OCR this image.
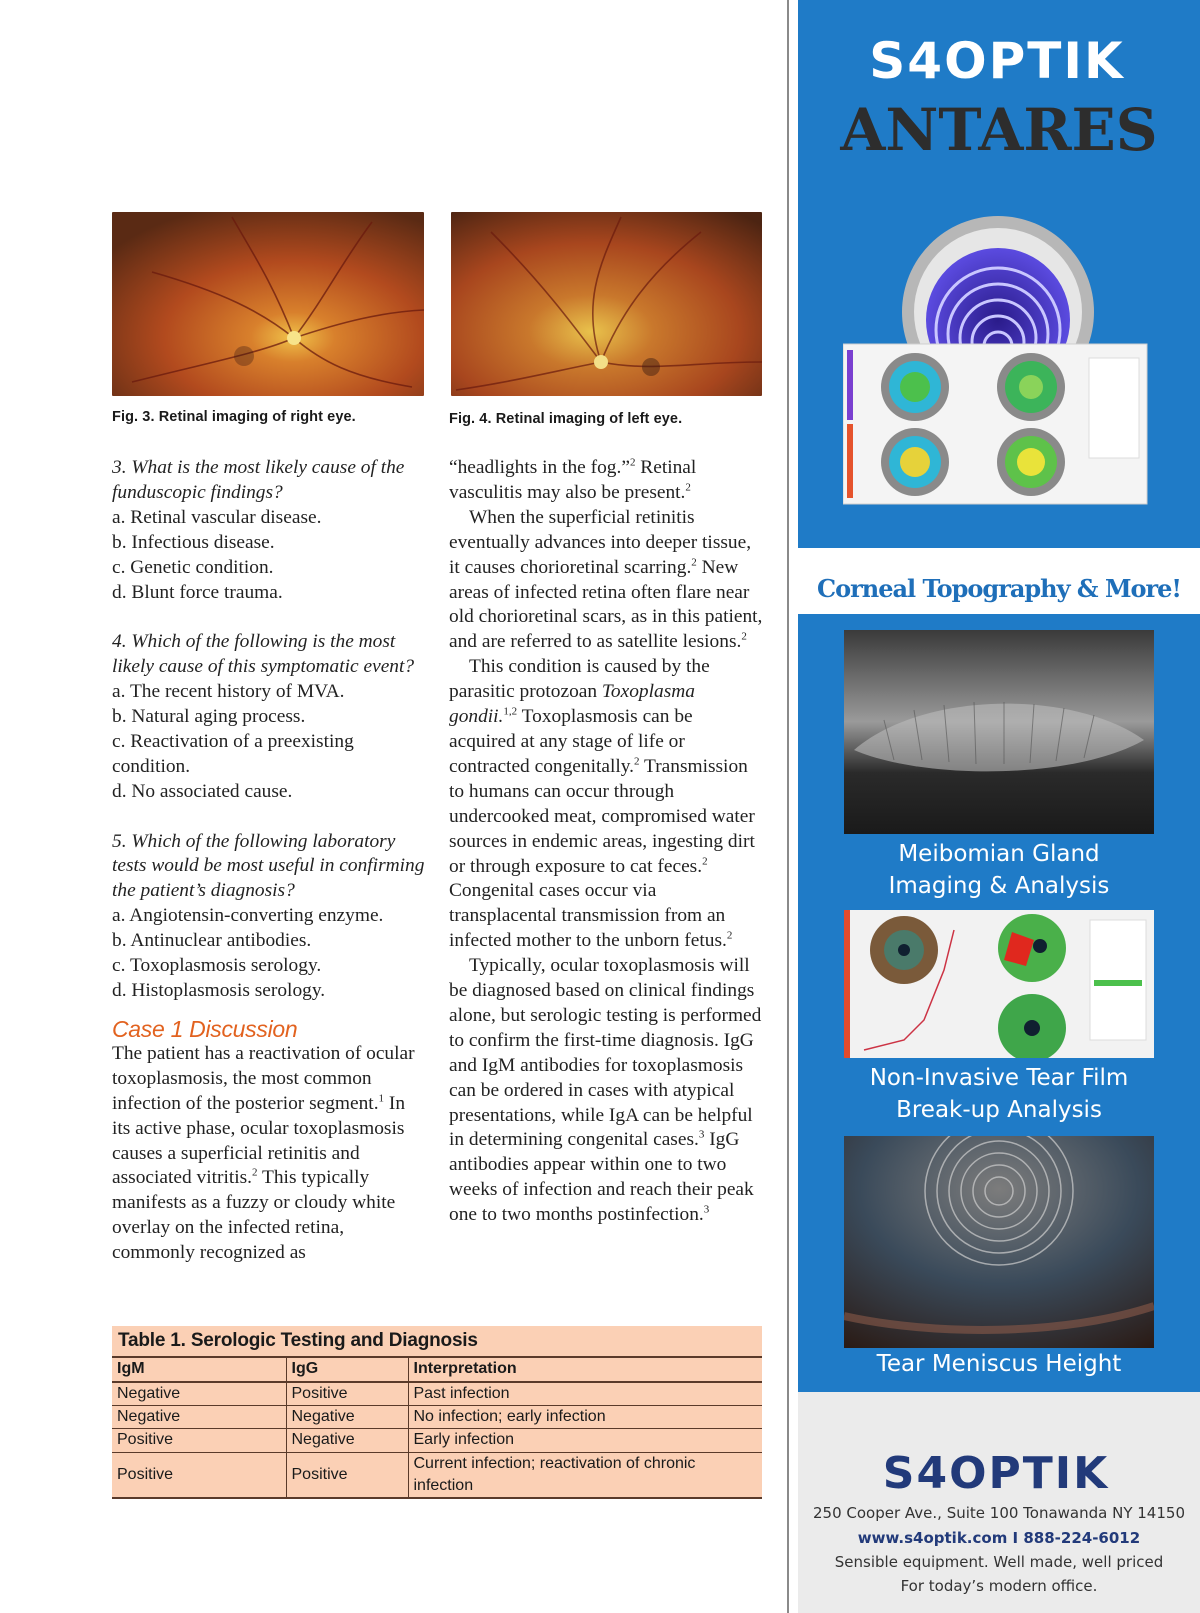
Fig. 3. Retinal imaging of right eye.	Fig. 4. Retinal imaging of left eye.

3. What is the most likely cause of the funduscopic findings?

a. Retinal vascular disease.

b. Infectious disease.

c. Genetic condition.

d. Blunt force trauma.

4. Which of the following is the most likely cause of this symptomatic event?

a. The recent history of MVA.

b. Natural aging process.

c. Reactivation of a preexisting condition.

d. No associated cause.

5. Which of the following laboratory tests would be most useful in confirming the patient’s diagnosis?

a. Angiotensin-converting enzyme.

b. Antinuclear antibodies.

c. Toxoplasmosis serology.

d. Histoplasmosis serology.

Case 1 Discussion

The patient has a reactivation of ocular toxoplasmosis, the most common infection of the posterior segment.$^1$ In its active phase, ocular toxoplasmosis causes a superficial retinitis and associated vitritis.$^2$ This typically manifests as a fuzzy or cloudy white overlay on the infected retina, commonly recognized as

“headlights in the fog.”$^2$ Retinal vasculitis may also be present.$^2$

When the superficial retinitis eventually advances into deeper tissue, it causes chorioretinal scarring.$^2$ New areas of infected retina often flare near old chorioretinal scars, as in this patient, and are referred to as satellite lesions.$^2$

This condition is caused by the parasitic protozoan Toxoplasma gondii.$^{1,2}$ Toxoplasmosis can be acquired at any stage of life or contracted congenitally.$^2$ Transmission to humans can occur through undercooked meat, compromised water sources in endemic areas, ingesting dirt or through exposure to cat feces.$^2$ Congenital cases occur via transplacental transmission from an infected mother to the unborn fetus.$^2$

Typically, ocular toxoplasmosis will be diagnosed based on clinical findings alone, but serologic testing is performed to confirm the first-time diagnosis. IgG and IgM antibodies for toxoplasmosis can be ordered in cases with atypical presentations, while IgA can be helpful in determining congenital cases.$^3$ IgG antibodies appear within one to two weeks of infection and reach their peak one to two months postinfection.$^3$

Table 1. Serologic Testing and Diagnosis
IgM	IgG	Interpretation
Negative	Positive	Past infection
Negative	Negative	No infection; early infection
Positive	Negative	Early infection
Positive	Positive	Current infection; reactivation of chronic infection
S4OPTIK
ANTARES
Corneal Topography & More!
Meibomian Gland
Imaging & Analysis
Non-Invasive Tear Film
Break-up Analysis
Tear Meniscus Height
S4OPTIK
250 Cooper Ave., Suite 100 Tonawanda NY 14150
www.s4optik.com I 888-224-6012
Sensible equipment. Well made, well priced
For today’s modern office.
